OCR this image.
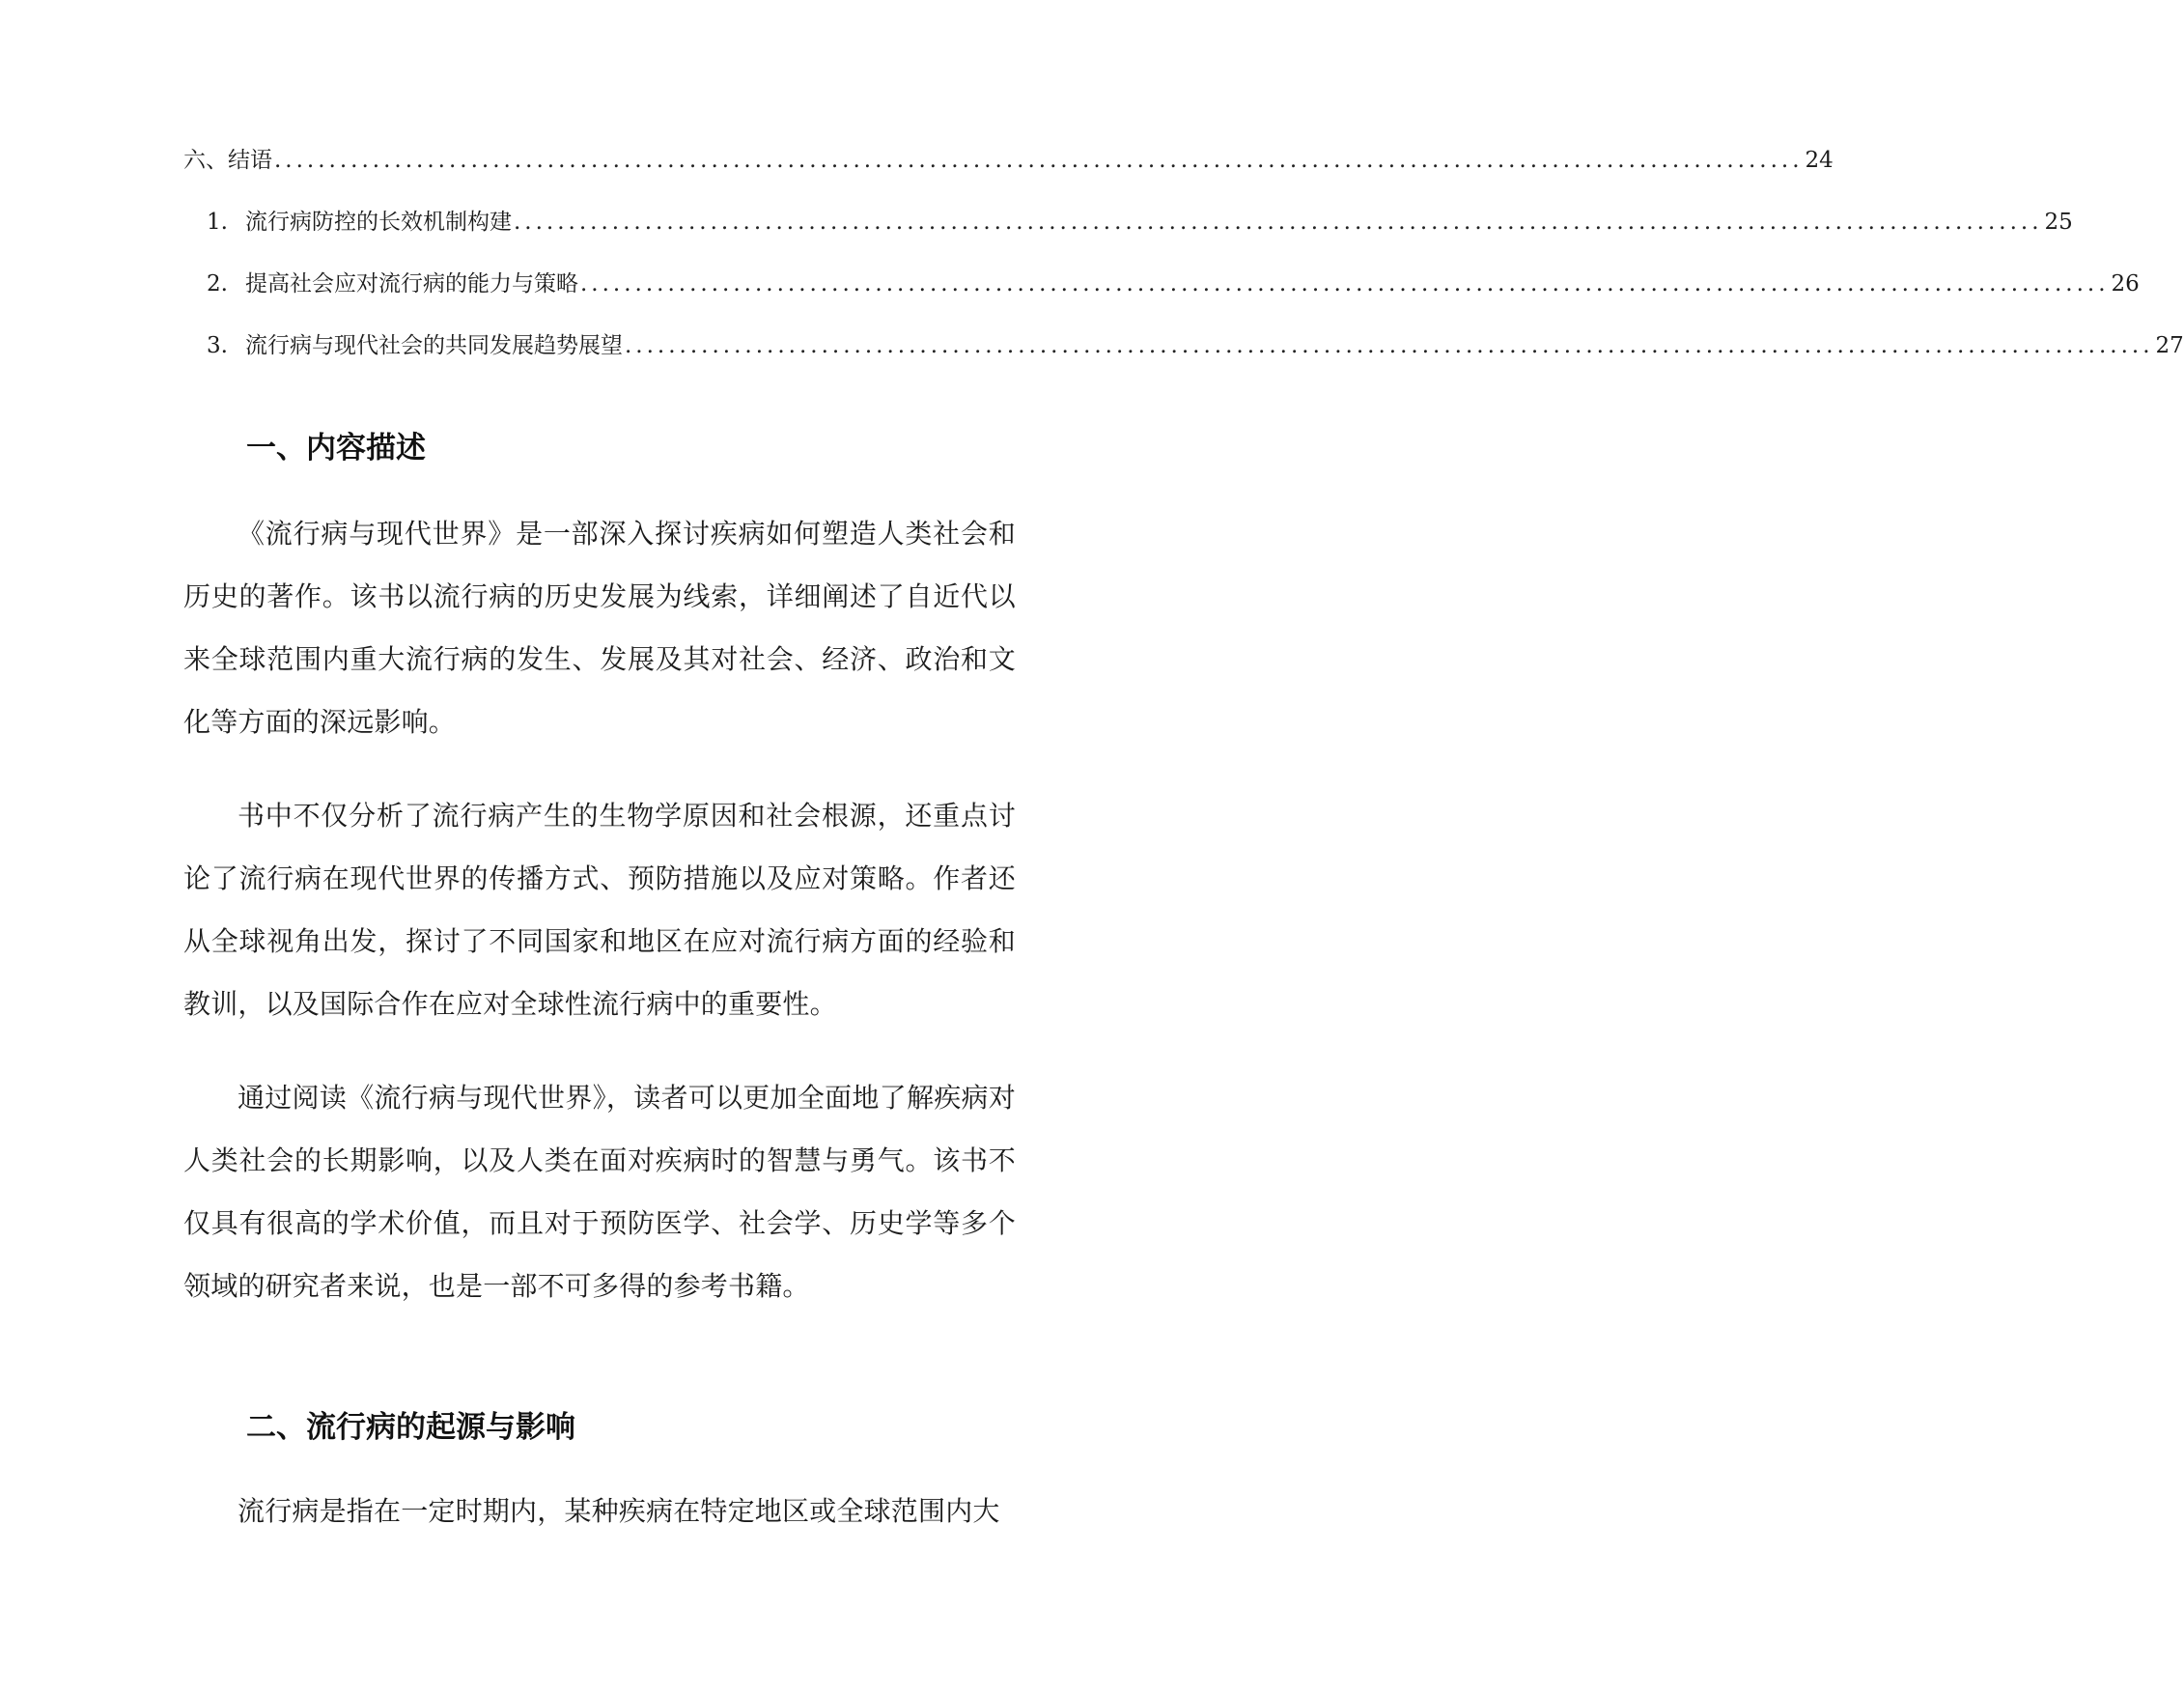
六、结语 ............................................................................................................................................ 24
1. 流行病防控的长效机制构建 ............................................................................................................................................ 25
2. 提高社会应对流行病的能力与策略 ............................................................................................................................................ 26
3. 流行病与现代社会的共同发展趋势展望 ............................................................................................................................................ 27
一、内容描述

《流行病与现代世界》是一部深入探讨疾病如何塑造人类社会和历史的著作。该书以流行病的历史发展为线索，详细阐述了自近代以来全球范围内重大流行病的发生、发展及其对社会、经济、政治和文化等方面的深远影响。

书中不仅分析了流行病产生的生物学原因和社会根源，还重点讨论了流行病在现代世界的传播方式、预防措施以及应对策略。作者还从全球视角出发，探讨了不同国家和地区在应对流行病方面的经验和教训，以及国际合作在应对全球性流行病中的重要性。

通过阅读《流行病与现代世界》，读者可以更加全面地了解疾病对人类社会的长期影响，以及人类在面对疾病时的智慧与勇气。该书不仅具有很高的学术价值，而且对于预防医学、社会学、历史学等多个领域的研究者来说，也是一部不可多得的参考书籍。

二、流行病的起源与影响

流行病是指在一定时期内，某种疾病在特定地区或全球范围内大
